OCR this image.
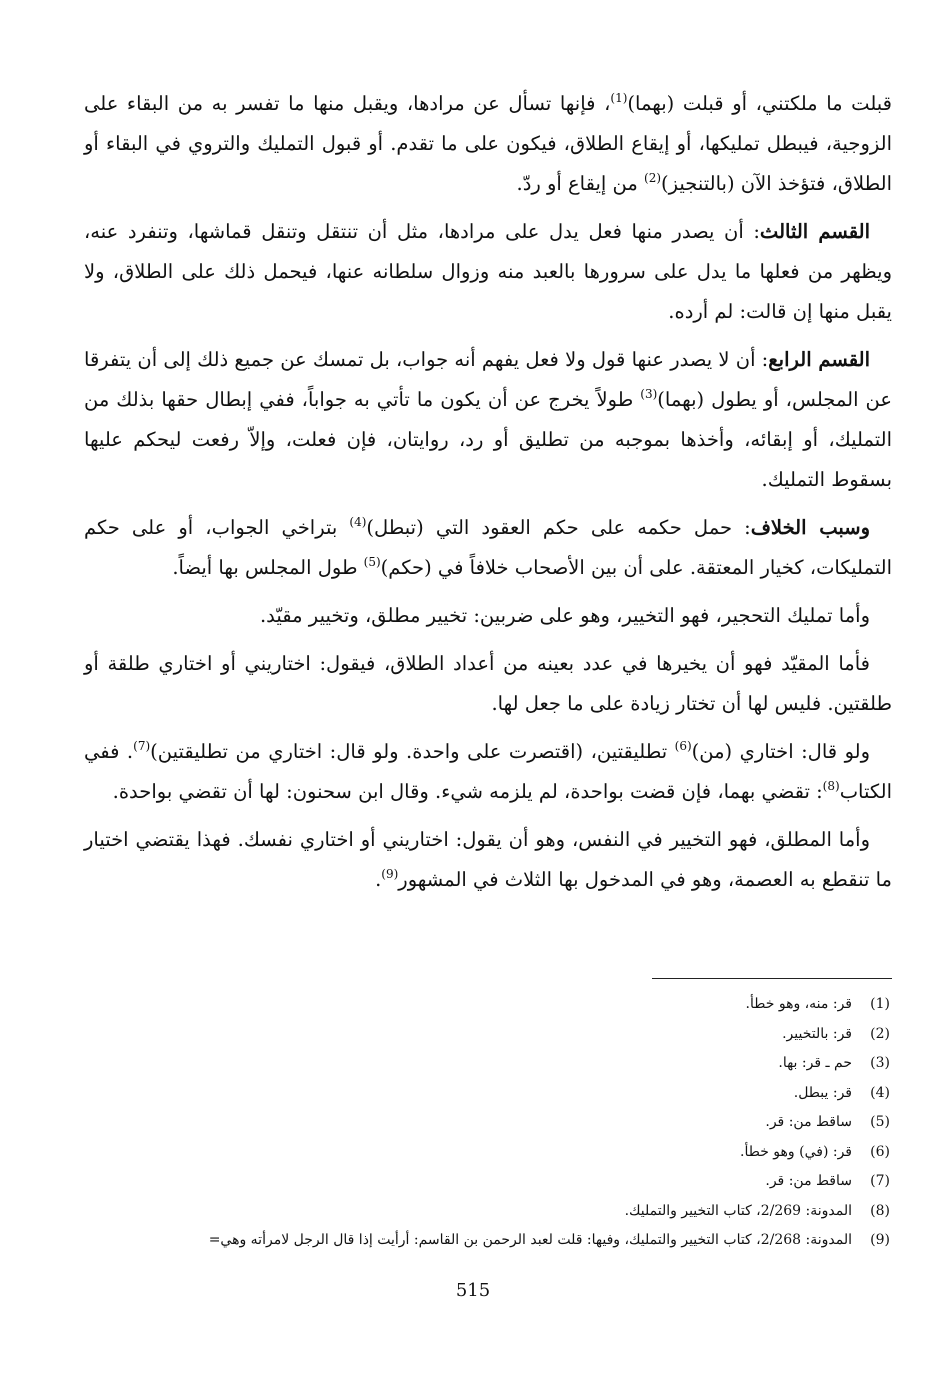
قبلت ما ملكتني، أو قبلت (بهما)$^{(1)}$، فإنها تسأل عن مرادها، ويقبل منها ما تفسر به من البقاء على الزوجية، فيبطل تمليكها، أو إيقاع الطلاق، فيكون على ما تقدم. أو قبول التمليك والتروي في البقاء أو الطلاق، فتؤخذ الآن (بالتنجيز)$^{(2)}$ من إيقاع أو ردّ.

القسم الثالث: أن يصدر منها فعل يدل على مرادها، مثل أن تنتقل وتنقل قماشها، وتنفرد عنه، ويظهر من فعلها ما يدل على سرورها بالعبد منه وزوال سلطانه عنها، فيحمل ذلك على الطلاق، ولا يقبل منها إن قالت: لم أرده.

القسم الرابع: أن لا يصدر عنها قول ولا فعل يفهم أنه جواب، بل تمسك عن جميع ذلك إلى أن يتفرقا عن المجلس، أو يطول (بهما)$^{(3)}$ طولاً يخرج عن أن يكون ما تأتي به جواباً، ففي إبطال حقها بذلك من التمليك، أو إبقائه، وأخذها بموجبه من تطليق أو رد، روايتان، فإن فعلت، وإلاّ رفعت ليحكم عليها بسقوط التمليك.

وسبب الخلاف: حمل حكمه على حكم العقود التي (تبطل)$^{(4)}$ بتراخي الجواب، أو على حكم التمليكات، كخيار المعتقة. على أن بين الأصحاب خلافاً في (حكم)$^{(5)}$ طول المجلس بها أيضاً.

وأما تمليك التحجير، فهو التخيير، وهو على ضربين: تخيير مطلق، وتخيير مقيّد.

فأما المقيّد فهو أن يخيرها في عدد بعينه من أعداد الطلاق، فيقول: اختاريني أو اختاري طلقة أو طلقتين. فليس لها أن تختار زيادة على ما جعل لها.

ولو قال: اختاري (من)$^{(6)}$ تطليقتين، (اقتصرت على واحدة. ولو قال: اختاري من تطليقتين)$^{(7)}$. ففي الكتاب$^{(8)}$: تقضي بهما، فإن قضت بواحدة، لم يلزمه شيء. وقال ابن سحنون: لها أن تقضي بواحدة.

وأما المطلق، فهو التخيير في النفس، وهو أن يقول: اختاريني أو اختاري نفسك. فهذا يقتضي اختيار ما تنقطع به العصمة، وهو في المدخول بها الثلاث في المشهور$^{(9)}$.

(1)قر: منه، وهو خطأ.
(2)قر: بالتخيير.
(3)حم ـ قر: بها.
(4)قر: يبطل.
(5)ساقط من: قر.
(6)قر: (في) وهو خطأ.
(7)ساقط من: قر.
(8)المدونة: 2/269، كتاب التخيير والتمليك.
(9)المدونة: 2/268، كتاب التخيير والتمليك، وفيها: قلت لعبد الرحمن بن القاسم: أرأيت إذا قال الرجل لامرأته وهي=
515
